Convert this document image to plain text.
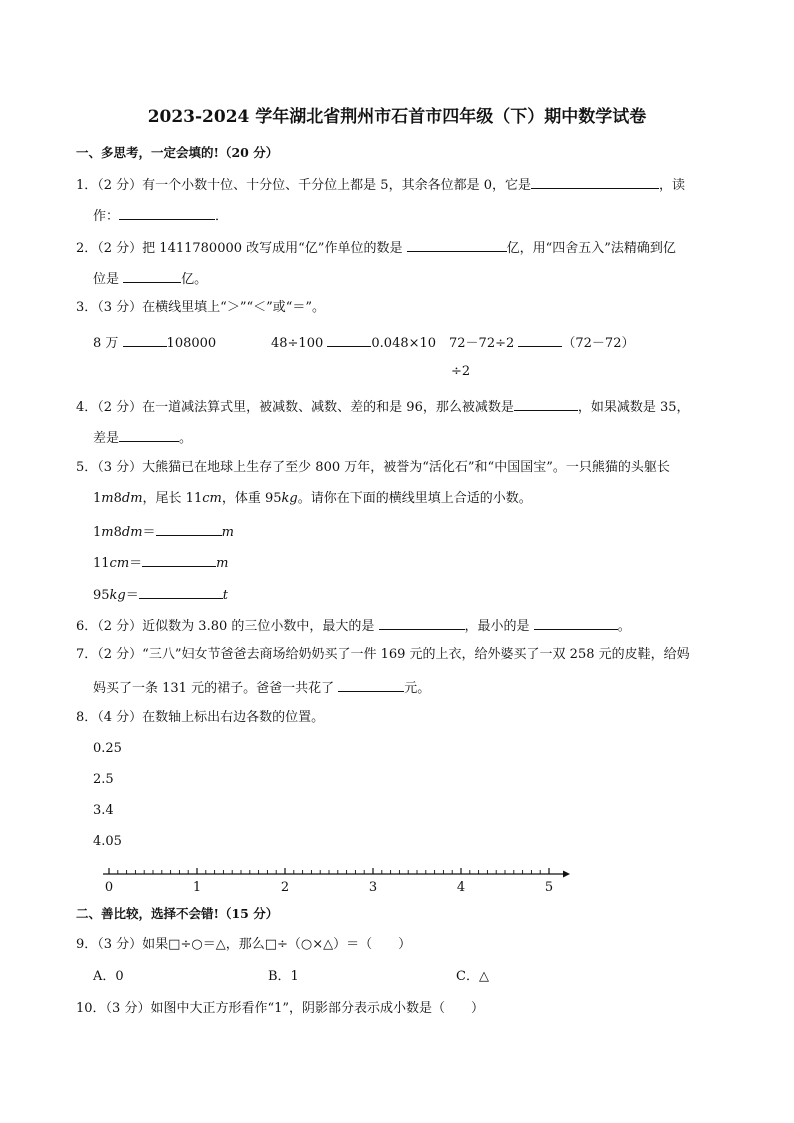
2023-2024 学年湖北省荆州市石首市四年级（下）期中数学试卷
一、多思考，一定会填的!（20 分）
1．（2 分）有一个小数十位、十分位、千分位上都是 5，其余各位都是 0，它是	，读
作：	．
2．（2 分）把 1411780000 改写成用“亿”作单位的数是	亿，用“四舍五入”法精确到亿
位是	亿。
3．（3 分）在横线里填上“＞”“＜”或“＝”。
8 万	108000	48÷100	0.048×10 72－72÷2	（72－72）
÷2
4．（2 分）在一道减法算式里，被减数、减数、差的和是 96，那么被减数是	，如果减数是 35，
差是	。
5．（3 分）大熊猫已在地球上生存了至少 800 万年，被誉为“活化石”和“中国国宝”。一只熊猫的头躯长
1m8dm，尾长 11cm，体重 95kg。请你在下面的横线里填上合适的小数。
1m8dm＝	m
11cm＝	m
95kg＝	t
6．（2 分）近似数为 3.80 的三位小数中，最大的是	，最小的是	。
7．（2 分）“三八”妇女节爸爸去商场给奶奶买了一件 169 元的上衣，给外婆买了一双 258 元的皮鞋，给妈
妈买了一条 131 元的裙子。爸爸一共花了	元。
8．（4 分）在数轴上标出右边各数的位置。
0.25
2.5
3.4
4.05
0	1	2	3	4	5
二、善比较，选择不会错!（15 分）
9．（3 分）如果□÷○＝△，那么□÷（○×△）＝（　　）
A．0	B．1	C．△
10．（3 分）如图中大正方形看作“1”，阴影部分表示成小数是（　　）
